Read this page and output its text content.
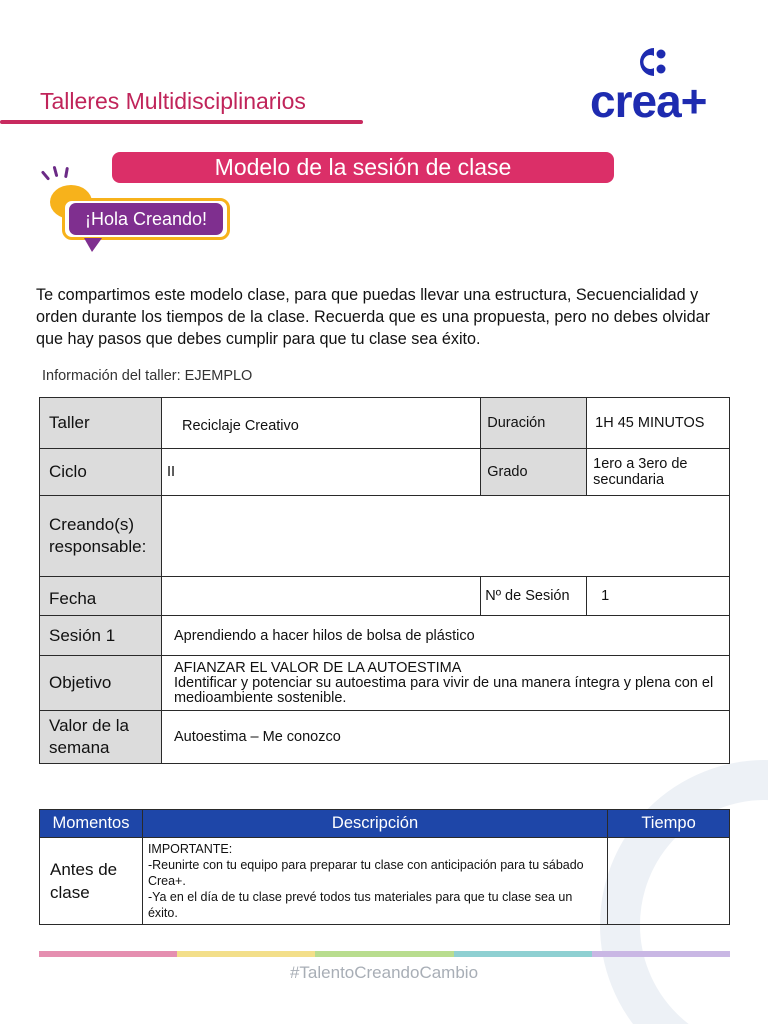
Talleres Multidisciplinarios	crea+
Modelo de la sesión de clase
¡Hola Creando!
Te compartimos este modelo clase, para que puedas llevar una estructura, Secuencialidad y orden durante los tiempos de la clase. Recuerda que es una propuesta, pero no debes olvidar que hay pasos que debes cumplir para que tu clase sea éxito.
Información del taller: EJEMPLO
Taller	Reciclaje Creativo	Duración	1H 45 MINUTOS
Ciclo	II	Grado	1ero a 3ero de secundaria
Creando(s) responsable:			
Fecha		Nº de Sesión	1
Sesión 1	Aprendiendo a hacer hilos de bolsa de plástico		
Objetivo	AFIANZAR EL VALOR DE LA AUTOESTIMA
Identificar y potenciar su autoestima para vivir de una manera íntegra y plena con el medioambiente sostenible.		

Valor de la semana	Autoestima – Me conozco		
Momentos	Descripción	Tiempo
Antes de clase	IMPORTANTE:
-Reunirte con tu equipo para preparar tu clase con anticipación para tu sábado Crea+.
-Ya en el día de tu clase prevé todos tus materiales para que tu clase sea un éxito.	

#TalentoCreandoCambio
